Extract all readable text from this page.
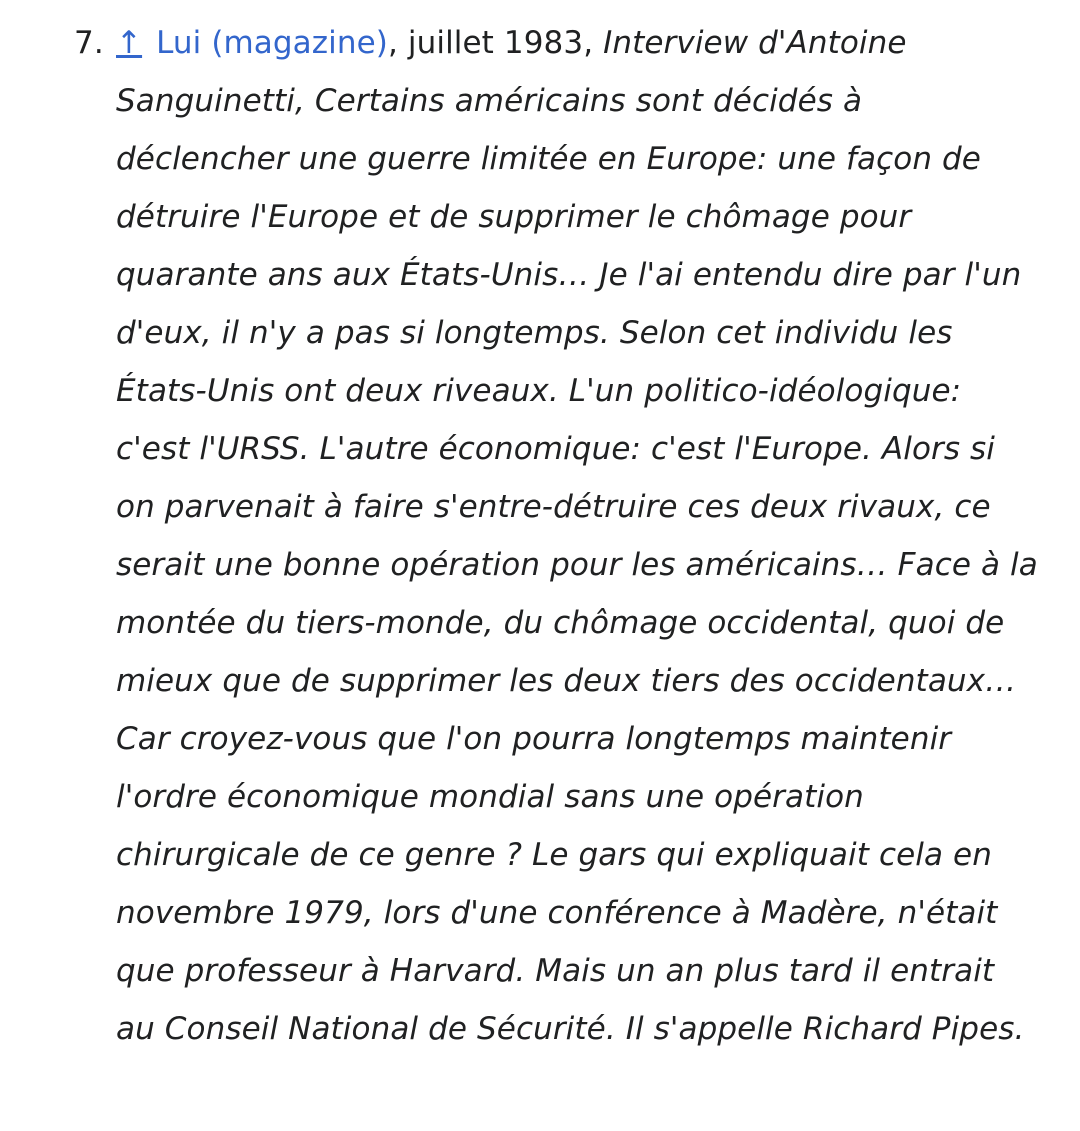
7. ↑ Lui (magazine), juillet 1983, Interview d'Antoine Sanguinetti, Certains américains sont décidés à déclencher une guerre limitée en Europe: une façon de détruire l'Europe et de supprimer le chômage pour quarante ans aux États-Unis… Je l'ai entendu dire par l'un d'eux, il n'y a pas si longtemps. Selon cet individu les États-Unis ont deux riveaux. L'un politico-idéologique: c'est l'URSS. L'autre économique: c'est l'Europe. Alors si on parvenait à faire s'entre-détruire ces deux rivaux, ce serait une bonne opération pour les américains… Face à la montée du tiers-monde, du chômage occidental, quoi de mieux que de supprimer les deux tiers des occidentaux… Car croyez-vous que l'on pourra longtemps maintenir l'ordre économique mondial sans une opération chirurgicale de ce genre ? Le gars qui expliquait cela en novembre 1979, lors d'une conférence à Madère, n'était que professeur à Harvard. Mais un an plus tard il entrait au Conseil National de Sécurité. Il s'appelle Richard Pipes.
